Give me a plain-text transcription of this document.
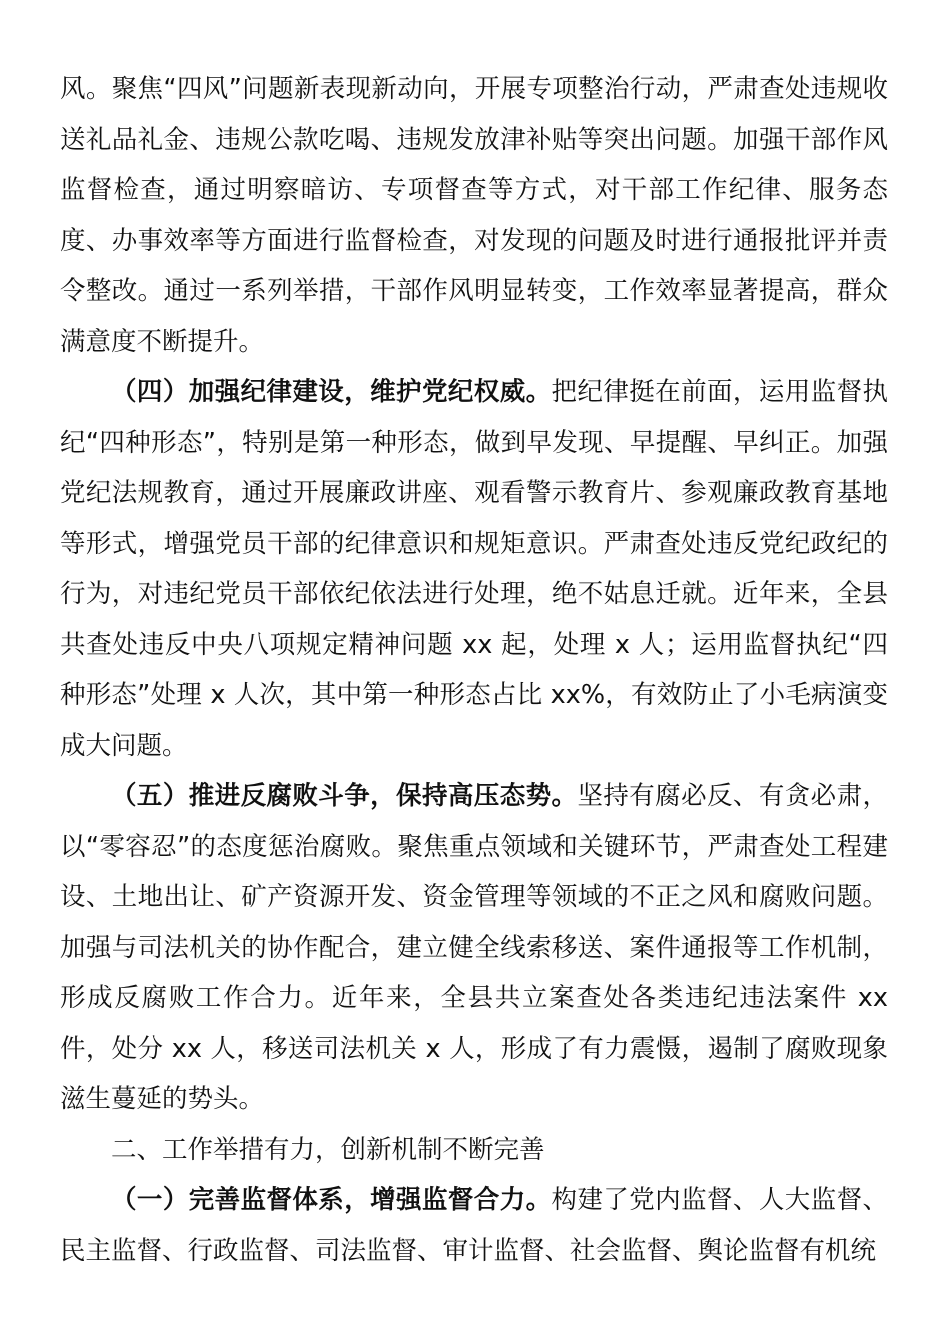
风。聚焦“四风”问题新表现新动向，开展专项整治行动，严肃查处违规收送礼品礼金、违规公款吃喝、违规发放津补贴等突出问题。加强干部作风监督检查，通过明察暗访、专项督查等方式，对干部工作纪律、服务态度、办事效率等方面进行监督检查，对发现的问题及时进行通报批评并责令整改。通过一系列举措，干部作风明显转变，工作效率显著提高，群众满意度不断提升。

（四）加强纪律建设，维护党纪权威。把纪律挺在前面，运用监督执纪“四种形态”，特别是第一种形态，做到早发现、早提醒、早纠正。加强党纪法规教育，通过开展廉政讲座、观看警示教育片、参观廉政教育基地等形式，增强党员干部的纪律意识和规矩意识。严肃查处违反党纪政纪的行为，对违纪党员干部依纪依法进行处理，绝不姑息迁就。近年来，全县共查处违反中央八项规定精神问题 xx 起，处理 x 人；运用监督执纪“四种形态”处理 x 人次，其中第一种形态占比 xx%，有效防止了小毛病演变成大问题。

（五）推进反腐败斗争，保持高压态势。坚持有腐必反、有贪必肃，以“零容忍”的态度惩治腐败。聚焦重点领域和关键环节，严肃查处工程建设、土地出让、矿产资源开发、资金管理等领域的不正之风和腐败问题。加强与司法机关的协作配合，建立健全线索移送、案件通报等工作机制，形成反腐败工作合力。近年来，全县共立案查处各类违纪违法案件 xx 件，处分 xx 人，移送司法机关 x 人，形成了有力震慑，遏制了腐败现象滋生蔓延的势头。

二、工作举措有力，创新机制不断完善

（一）完善监督体系，增强监督合力。构建了党内监督、人大监督、民主监督、行政监督、司法监督、审计监督、社会监督、舆论监督有机统
